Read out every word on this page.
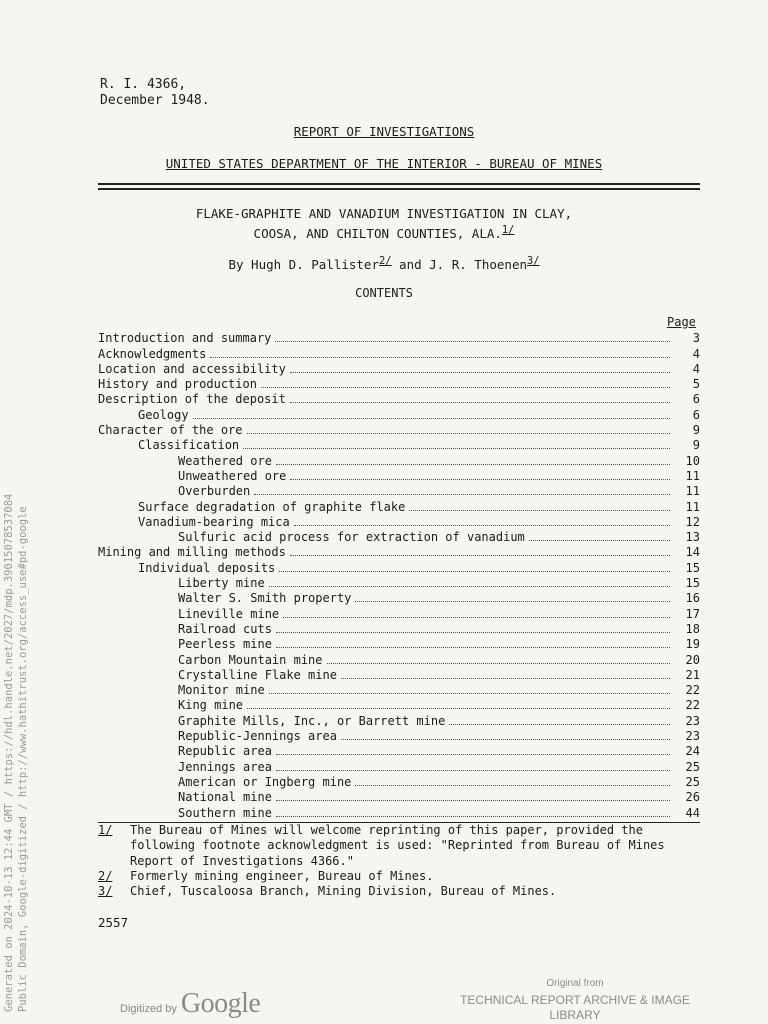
Generated on 2024-10-13 12:44 GMT / https://hdl.handle.net/2027/mdp.39015078537084 Public Domain, Google-digitized / http://www.hathitrust.org/access_use#pd-google
R. I. 4366,
December 1948.
REPORT OF INVESTIGATIONS
UNITED STATES DEPARTMENT OF THE INTERIOR - BUREAU OF MINES
FLAKE-GRAPHITE AND VANADIUM INVESTIGATION IN CLAY,
COOSA, AND CHILTON COUNTIES, ALA.$^{1/}$
By Hugh D. Pallister$^{2/}$ and J. R. Thoenen$^{3/}$
CONTENTS
Page
Introduction and summary	3
Acknowledgments	4
Location and accessibility	4
History and production	5
Description of the deposit	6
Geology	6
Character of the ore	9
Classification	9
Weathered ore	10
Unweathered ore	11
Overburden	11
Surface degradation of graphite flake	11
Vanadium-bearing mica	12
Sulfuric acid process for extraction of vanadium	13
Mining and milling methods	14
Individual deposits	15
Liberty mine	15
Walter S. Smith property	16
Lineville mine	17
Railroad cuts	18
Peerless mine	19
Carbon Mountain mine	20
Crystalline Flake mine	21
Monitor mine	22
King mine	22
Graphite Mills, Inc., or Barrett mine	23
Republic-Jennings area	23
Republic area	24
Jennings area	25
American or Ingberg mine	25
National mine	26
Southern mine	44
1/ The Bureau of Mines will welcome reprinting of this paper, provided the following footnote acknowledgment is used: "Reprinted from Bureau of Mines Report of Investigations 4366."
2/ Formerly mining engineer, Bureau of Mines.
3/ Chief, Tuscaloosa Branch, Mining Division, Bureau of Mines.
2557
Digitized by Google
Original from
TECHNICAL REPORT ARCHIVE & IMAGE LIBRARY
